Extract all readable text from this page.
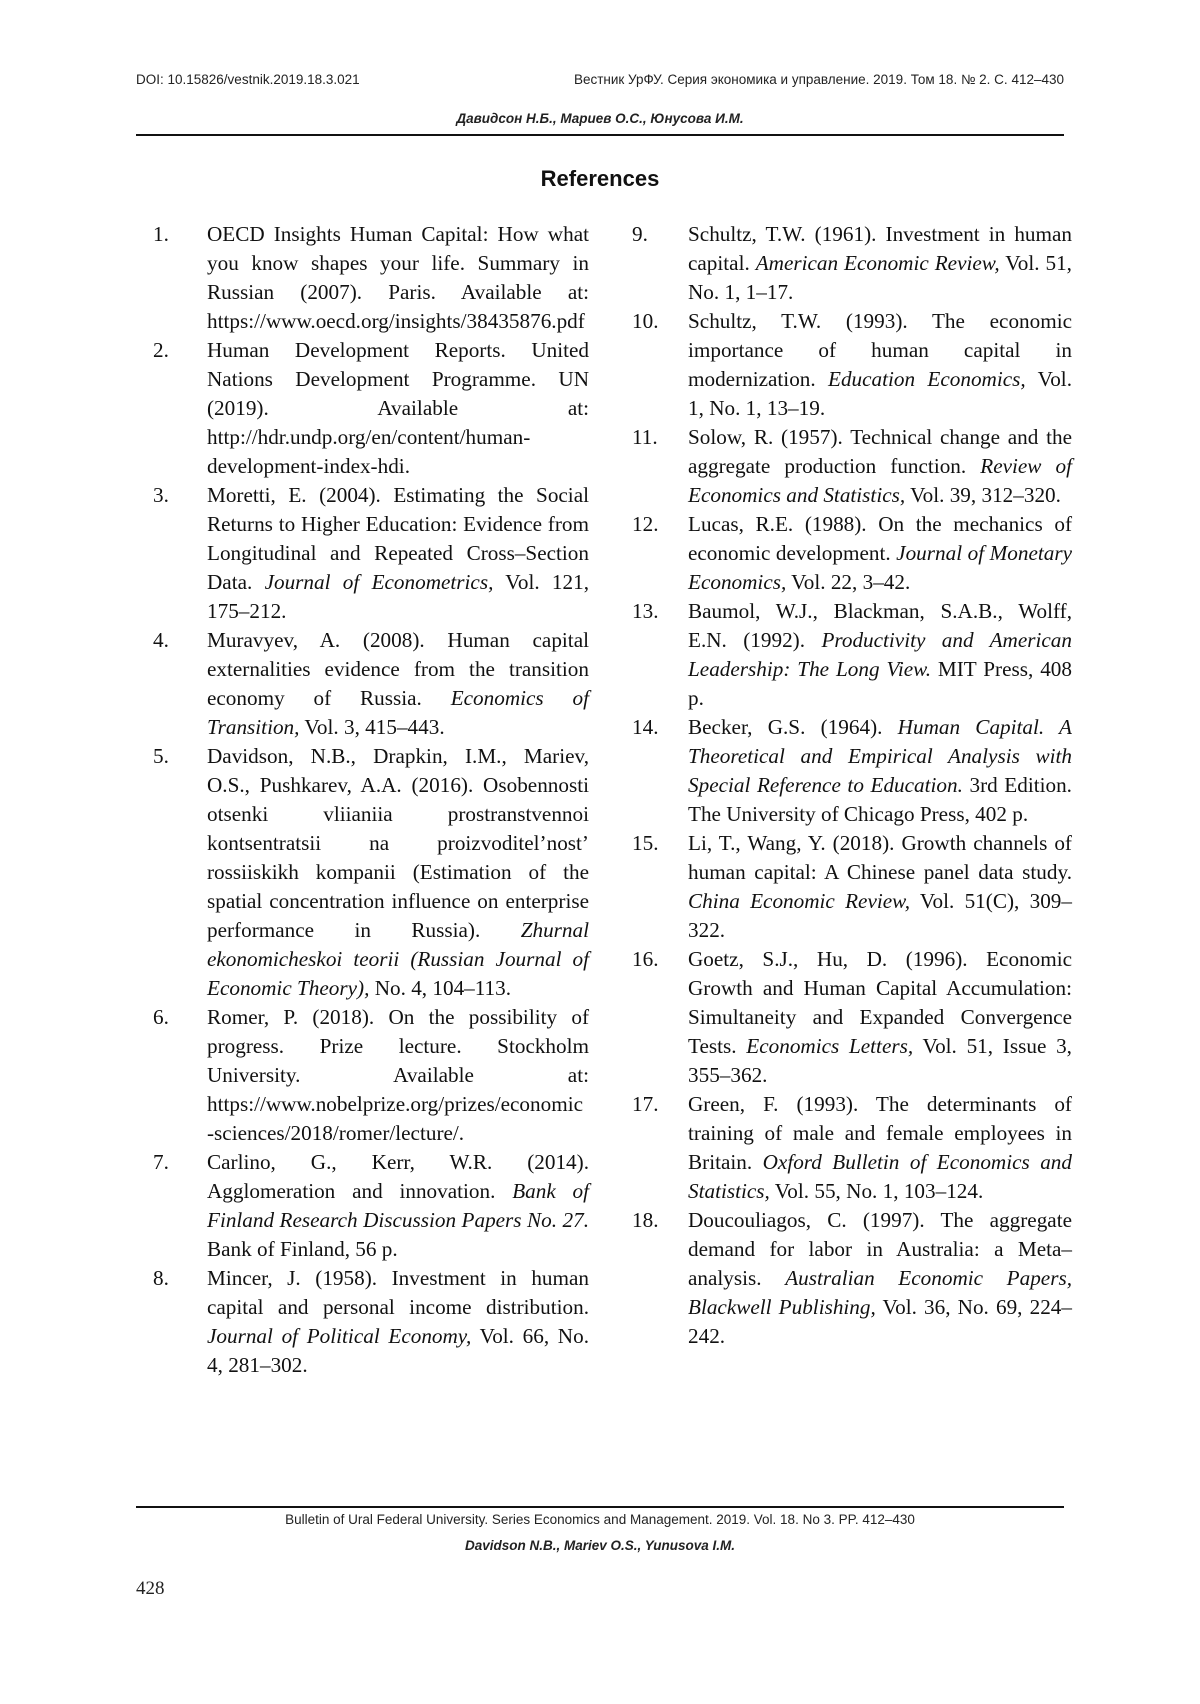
DOI: 10.15826/vestnik.2019.18.3.021	Вестник УрФУ. Серия экономика и управление. 2019. Том 18. № 2. С. 412–430
Давидсон Н.Б., Мариев О.С., Юнусова И.М.
References
1.	OECD Insights Human Capital: How what you know shapes your life. Summary in Russian (2007). Paris. Available at: https://www.oecd.org/insights/38435876.pdf
2.	Human Development Reports. United Nations Development Programme. UN (2019). Available at: http://hdr.undp.org/en/content/human-development-index-hdi.
3.	Moretti, E. (2004). Estimating the Social Returns to Higher Education: Evidence from Longitudinal and Repeated Cross–Section Data. Journal of Econometrics, Vol. 121, 175–212.
4.	Muravyev, A. (2008). Human capital externalities evidence from the transition economy of Russia. Economics of Transition, Vol. 3, 415–443.
5.	Davidson, N.B., Drapkin, I.M., Mariev, O.S., Pushkarev, A.A. (2016). Osobennosti otsenki vliianiia prostranstvennoi kontsentratsii na proizvoditel’nost’ rossiiskikh kompanii (Estimation of the spatial concentration influence on enterprise performance in Russia). Zhurnal ekonomicheskoi teorii (Russian Journal of Economic Theory), No. 4, 104–113.
6.	Romer, P. (2018). On the possibility of progress. Prize lecture. Stockholm University. Available at: https://www.nobelprize.org/prizes/economic-sciences/2018/romer/lecture/.
7.	Carlino, G., Kerr, W.R. (2014). Agglomeration and innovation. Bank of Finland Research Discussion Papers No. 27. Bank of Finland, 56 p.
8.	Mincer, J. (1958). Investment in human capital and personal income distribution. Journal of Political Economy, Vol. 66, No. 4, 281–302.
9.	Schultz, T.W. (1961). Investment in human capital. American Economic Review, Vol. 51, No. 1, 1–17.
10.	Schultz, T.W. (1993). The economic importance of human capital in modernization. Education Economics, Vol. 1, No. 1, 13–19.
11.	Solow, R. (1957). Technical change and the aggregate production function. Review of Economics and Statistics, Vol. 39, 312–320.
12.	Lucas, R.E. (1988). On the mechanics of economic development. Journal of Monetary Economics, Vol. 22, 3–42.
13.	Baumol, W.J., Blackman, S.A.B., Wolff, E.N. (1992). Productivity and American Leadership: The Long View. MIT Press, 408 p.
14.	Becker, G.S. (1964). Human Capital. A Theoretical and Empirical Analysis with Special Reference to Education. 3rd Edition. The University of Chicago Press, 402 p.
15.	Li, T., Wang, Y. (2018). Growth channels of human capital: A Chinese panel data study. China Economic Review, Vol. 51(C), 309–322.
16.	Goetz, S.J., Hu, D. (1996). Economic Growth and Human Capital Accumulation: Simultaneity and Expanded Convergence Tests. Economics Letters, Vol. 51, Issue 3, 355–362.
17.	Green, F. (1993). The determinants of training of male and female employees in Britain. Oxford Bulletin of Economics and Statistics, Vol. 55, No. 1, 103–124.
18.	Doucouliagos, C. (1997). The aggregate demand for labor in Australia: a Meta–analysis. Australian Economic Papers, Blackwell Publishing, Vol. 36, No. 69, 224–242.
Bulletin of Ural Federal University. Series Economics and Management. 2019. Vol. 18. No 3. PP. 412–430
Davidson N.B., Mariev O.S., Yunusova I.M.
428
